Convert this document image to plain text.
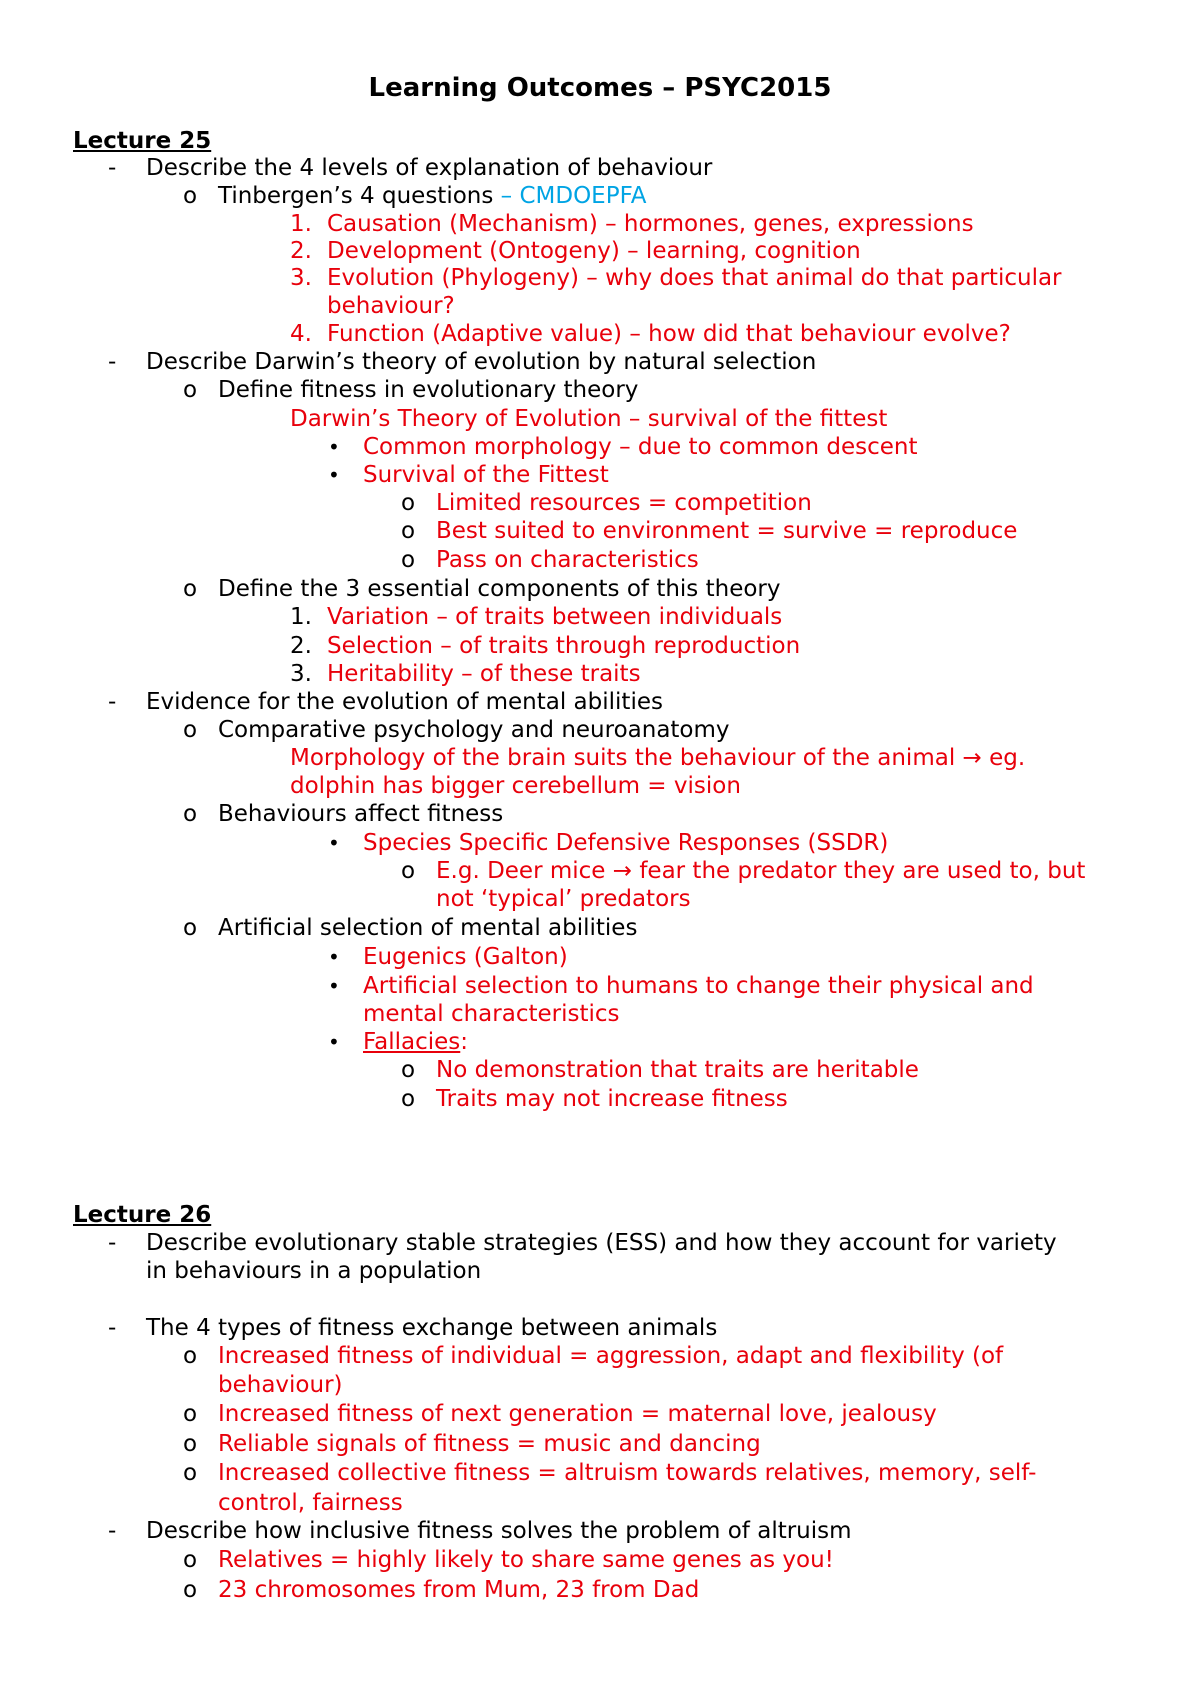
Learning Outcomes – PSYC2015
Lecture 25
- Describe the 4 levels of explanation of behaviour
o Tinbergen’s 4 questions – CMDOEPFA
1. Causation (Mechanism) – hormones, genes, expressions
2. Development (Ontogeny) – learning, cognition
3. Evolution (Phylogeny) – why does that animal do that particular
behaviour?
4. Function (Adaptive value) – how did that behaviour evolve?
- Describe Darwin’s theory of evolution by natural selection
o Define fitness in evolutionary theory
Darwin’s Theory of Evolution – survival of the fittest
• Common morphology – due to common descent
• Survival of the Fittest
o Limited resources = competition
o Best suited to environment = survive = reproduce
o Pass on characteristics
o Define the 3 essential components of this theory
1. Variation – of traits between individuals
2. Selection – of traits through reproduction
3. Heritability – of these traits
- Evidence for the evolution of mental abilities
o Comparative psychology and neuroanatomy
Morphology of the brain suits the behaviour of the animal → eg.
dolphin has bigger cerebellum = vision
o Behaviours affect fitness
• Species Specific Defensive Responses (SSDR)
o E.g. Deer mice → fear the predator they are used to, but
not ‘typical’ predators
o Artificial selection of mental abilities
• Eugenics (Galton)
• Artificial selection to humans to change their physical and
mental characteristics
• Fallacies:
o No demonstration that traits are heritable
o Traits may not increase fitness
Lecture 26
- Describe evolutionary stable strategies (ESS) and how they account for variety
in behaviours in a population
- The 4 types of fitness exchange between animals
o Increased fitness of individual = aggression, adapt and flexibility (of
behaviour)
o Increased fitness of next generation = maternal love, jealousy
o Reliable signals of fitness = music and dancing
o Increased collective fitness = altruism towards relatives, memory, self-
control, fairness
- Describe how inclusive fitness solves the problem of altruism
o Relatives = highly likely to share same genes as you!
o 23 chromosomes from Mum, 23 from Dad
